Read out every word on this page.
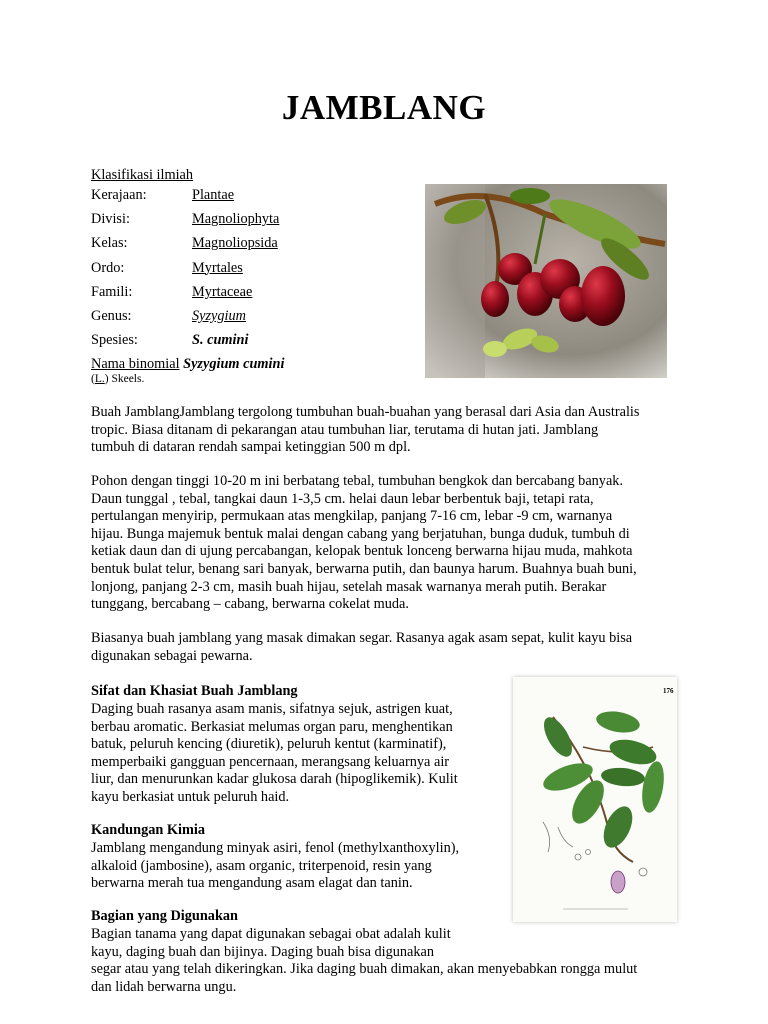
JAMBLANG
Klasifikasi ilmiah
Kerajaan:	Plantae
Divisi:	Magnoliophyta
Kelas:	Magnoliopsida
Ordo:	Myrtales
Famili:	Myrtaceae
Genus:	Syzygium
Spesies:	S. cumini
Nama binomial Syzygium cumini
(L.) Skeels.
Buah JamblangJamblang tergolong tumbuhan buah-buahan yang berasal dari Asia dan Australis
tropic. Biasa ditanam di pekarangan atau tumbuhan liar, terutama di hutan jati. Jamblang
tumbuh di dataran rendah sampai ketinggian 500 m dpl.
Pohon dengan tinggi 10-20 m ini berbatang tebal, tumbuhan bengkok dan bercabang banyak.
Daun tunggal , tebal, tangkai daun 1-3,5 cm. helai daun lebar berbentuk baji, tetapi rata,
pertulangan menyirip, permukaan atas mengkilap, panjang 7-16 cm, lebar -9 cm, warnanya
hijau. Bunga majemuk bentuk malai dengan cabang yang berjatuhan, bunga duduk, tumbuh di
ketiak daun dan di ujung percabangan, kelopak bentuk lonceng berwarna hijau muda, mahkota
bentuk bulat telur, benang sari banyak, berwarna putih, dan baunya harum. Buahnya buah buni,
lonjong, panjang 2-3 cm, masih buah hijau, setelah masak warnanya merah putih. Berakar
tunggang, bercabang – cabang, berwarna cokelat muda.
Biasanya buah jamblang yang masak dimakan segar. Rasanya agak asam sepat, kulit kayu bisa
digunakan sebagai pewarna.
Sifat dan Khasiat Buah Jamblang
Daging buah rasanya asam manis, sifatnya sejuk, astrigen kuat,
berbau aromatic. Berkasiat melumas organ paru, menghentikan
batuk, peluruh kencing (diuretik), peluruh kentut (karminatif),
memperbaiki gangguan pencernaan, merangsang keluarnya air
liur, dan menurunkan kadar glukosa darah (hipoglikemik). Kulit
kayu berkasiat untuk peluruh haid.
Kandungan Kimia
Jamblang mengandung minyak asiri, fenol (methylxanthoxylin),
alkaloid (jambosine), asam organic, triterpenoid, resin yang
berwarna merah tua mengandung asam elagat dan tanin.
Bagian yang Digunakan
Bagian tanama yang dapat digunakan sebagai obat adalah kulit
kayu, daging buah dan bijinya. Daging buah bisa digunakan
segar atau yang telah dikeringkan. Jika daging buah dimakan, akan menyebabkan rongga mulut
dan lidah berwarna ungu.
176
